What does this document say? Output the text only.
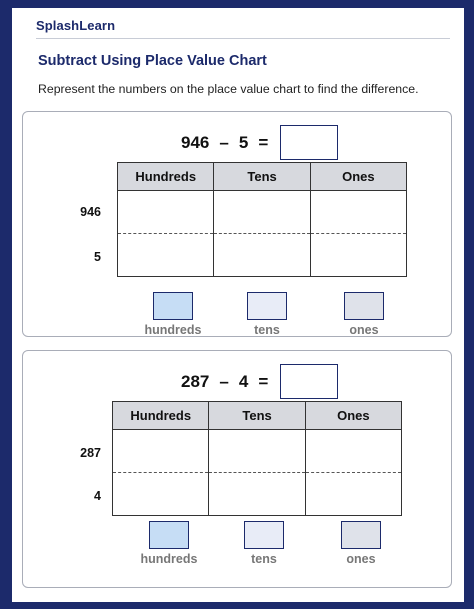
SplashLearn
Subtract Using Place Value Chart
Represent the numbers on the place value chart to find the difference.
946 – 5 =
Hundreds	Tens	Ones

946
5
hundreds	tens	ones
287 – 4 =
Hundreds	Tens	Ones

287
4
hundreds	tens	ones
